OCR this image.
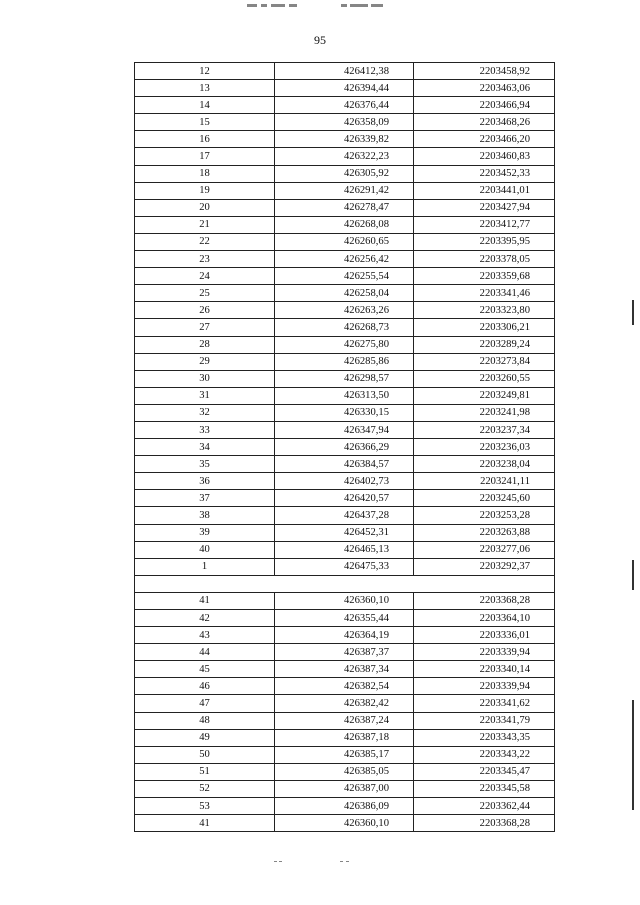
95
12	426412,38	2203458,92
13	426394,44	2203463,06
14	426376,44	2203466,94
15	426358,09	2203468,26
16	426339,82	2203466,20
17	426322,23	2203460,83
18	426305,92	2203452,33
19	426291,42	2203441,01
20	426278,47	2203427,94
21	426268,08	2203412,77
22	426260,65	2203395,95
23	426256,42	2203378,05
24	426255,54	2203359,68
25	426258,04	2203341,46
26	426263,26	2203323,80
27	426268,73	2203306,21
28	426275,80	2203289,24
29	426285,86	2203273,84
30	426298,57	2203260,55
31	426313,50	2203249,81
32	426330,15	2203241,98
33	426347,94	2203237,34
34	426366,29	2203236,03
35	426384,57	2203238,04
36	426402,73	2203241,11
37	426420,57	2203245,60
38	426437,28	2203253,28
39	426452,31	2203263,88
40	426465,13	2203277,06
1	426475,33	2203292,37

41	426360,10	2203368,28
42	426355,44	2203364,10
43	426364,19	2203336,01
44	426387,37	2203339,94
45	426387,34	2203340,14
46	426382,54	2203339,94
47	426382,42	2203341,62
48	426387,24	2203341,79
49	426387,18	2203343,35
50	426385,17	2203343,22
51	426385,05	2203345,47
52	426387,00	2203345,58
53	426386,09	2203362,44
41	426360,10	2203368,28
